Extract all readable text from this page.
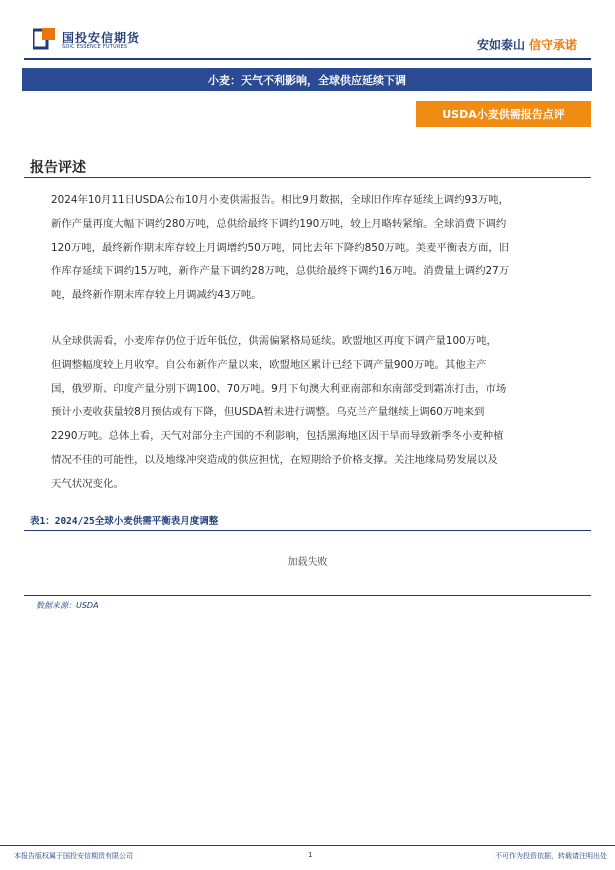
国投安信期货
SDIC ESSENCE FUTURES	安如泰山 信守承诺
小麦：天气不利影响，全球供应延续下调
USDA小麦供需报告点评
报告评述
2024年10月11日USDA公布10月小麦供需报告。相比9月数据，全球旧作库存延续上调约93万吨，
新作产量再度大幅下调约280万吨，总供给最终下调约190万吨，较上月略转紧缩。全球消费下调约
120万吨，最终新作期末库存较上月调增约50万吨，同比去年下降约850万吨。美麦平衡表方面，旧
作库存延续下调约15万吨，新作产量下调约28万吨，总供给最终下调约16万吨。消费量上调约27万
吨，最终新作期末库存较上月调减约43万吨。
从全球供需看，小麦库存仍位于近年低位，供需偏紧格局延续。欧盟地区再度下调产量100万吨，
但调整幅度较上月收窄。自公布新作产量以来，欧盟地区累计已经下调产量900万吨。其他主产
国，俄罗斯、印度产量分别下调100、70万吨。9月下旬澳大利亚南部和东南部受到霜冻打击，市场
预计小麦收获量较8月预估或有下降，但USDA暂未进行调整。乌克兰产量继续上调60万吨来到
2290万吨。总体上看，天气对部分主产国的不利影响，包括黑海地区因干旱而导致新季冬小麦种植
情况不佳的可能性，以及地缘冲突造成的供应担忧，在短期给予价格支撑。关注地缘局势发展以及
天气状况变化。
表1：2024/25全球小麦供需平衡表月度调整
加载失败
数据来源：USDA
本报告版权属于国投安信期货有限公司	1	不可作为投资依据，转载请注明出处
